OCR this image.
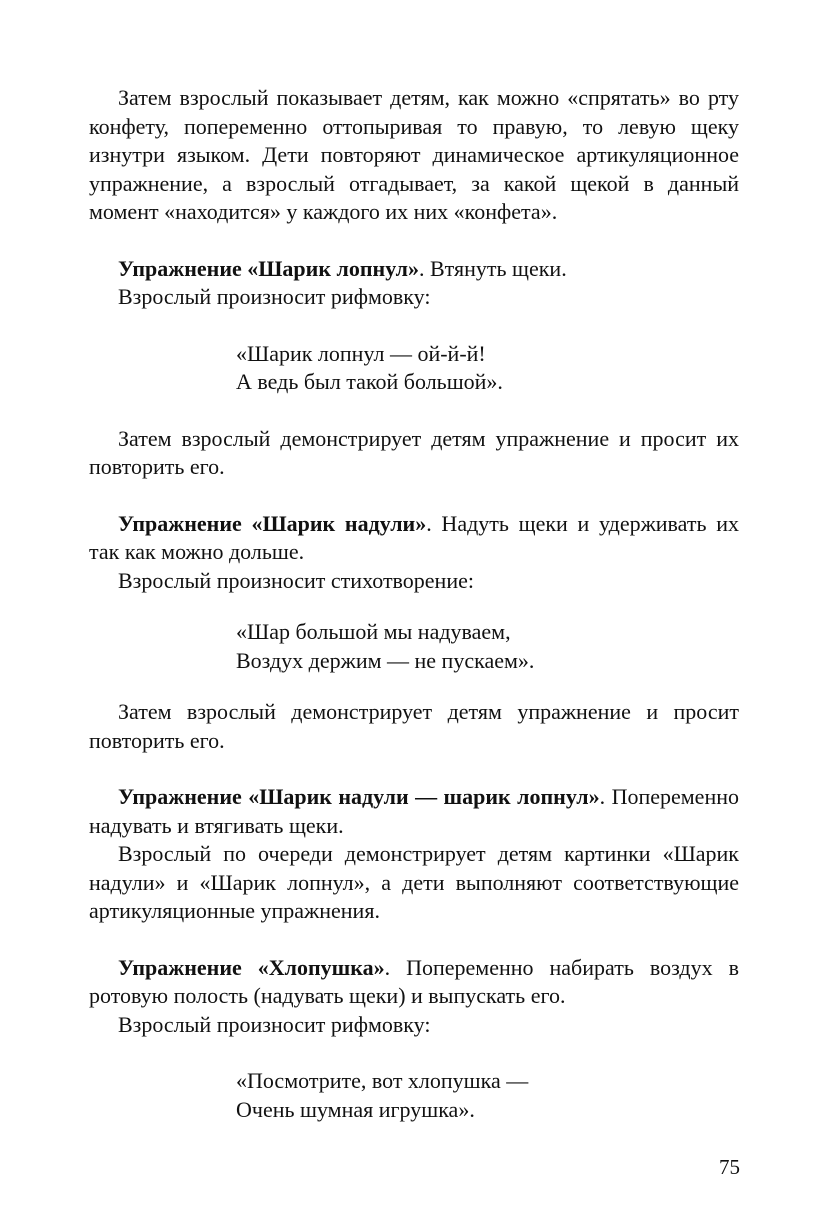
Затем взрослый показывает детям, как можно «спрятать» во рту конфету, попеременно оттопыривая то правую, то левую щеку изнутри языком. Дети повторяют динамическое артикуляционное упражнение, а взрослый отгадывает, за какой щекой в данный момент «находится» у каждого их них «конфета».

Упражнение «Шарик лопнул». Втянуть щеки.

Взрослый произносит рифмовку:

«Шарик лопнул — ой-й-й!
А ведь был такой большой».

Затем взрослый демонстрирует детям упражнение и просит их повторить его.

Упражнение «Шарик надули». Надуть щеки и удерживать их так как можно дольше.

Взрослый произносит стихотворение:

«Шар большой мы надуваем,
Воздух держим — не пускаем».

Затем взрослый демонстрирует детям упражнение и просит повторить его.

Упражнение «Шарик надули — шарик лопнул». Попеременно надувать и втягивать щеки.

Взрослый по очереди демонстрирует детям картинки «Шарик надули» и «Шарик лопнул», а дети выполняют соответствующие артикуляционные упражнения.

Упражнение «Хлопушка». Попеременно набирать воздух в ротовую полость (надувать щеки) и выпускать его.

Взрослый произносит рифмовку:

«Посмотрите, вот хлопушка —
Очень шумная игрушка».

75
